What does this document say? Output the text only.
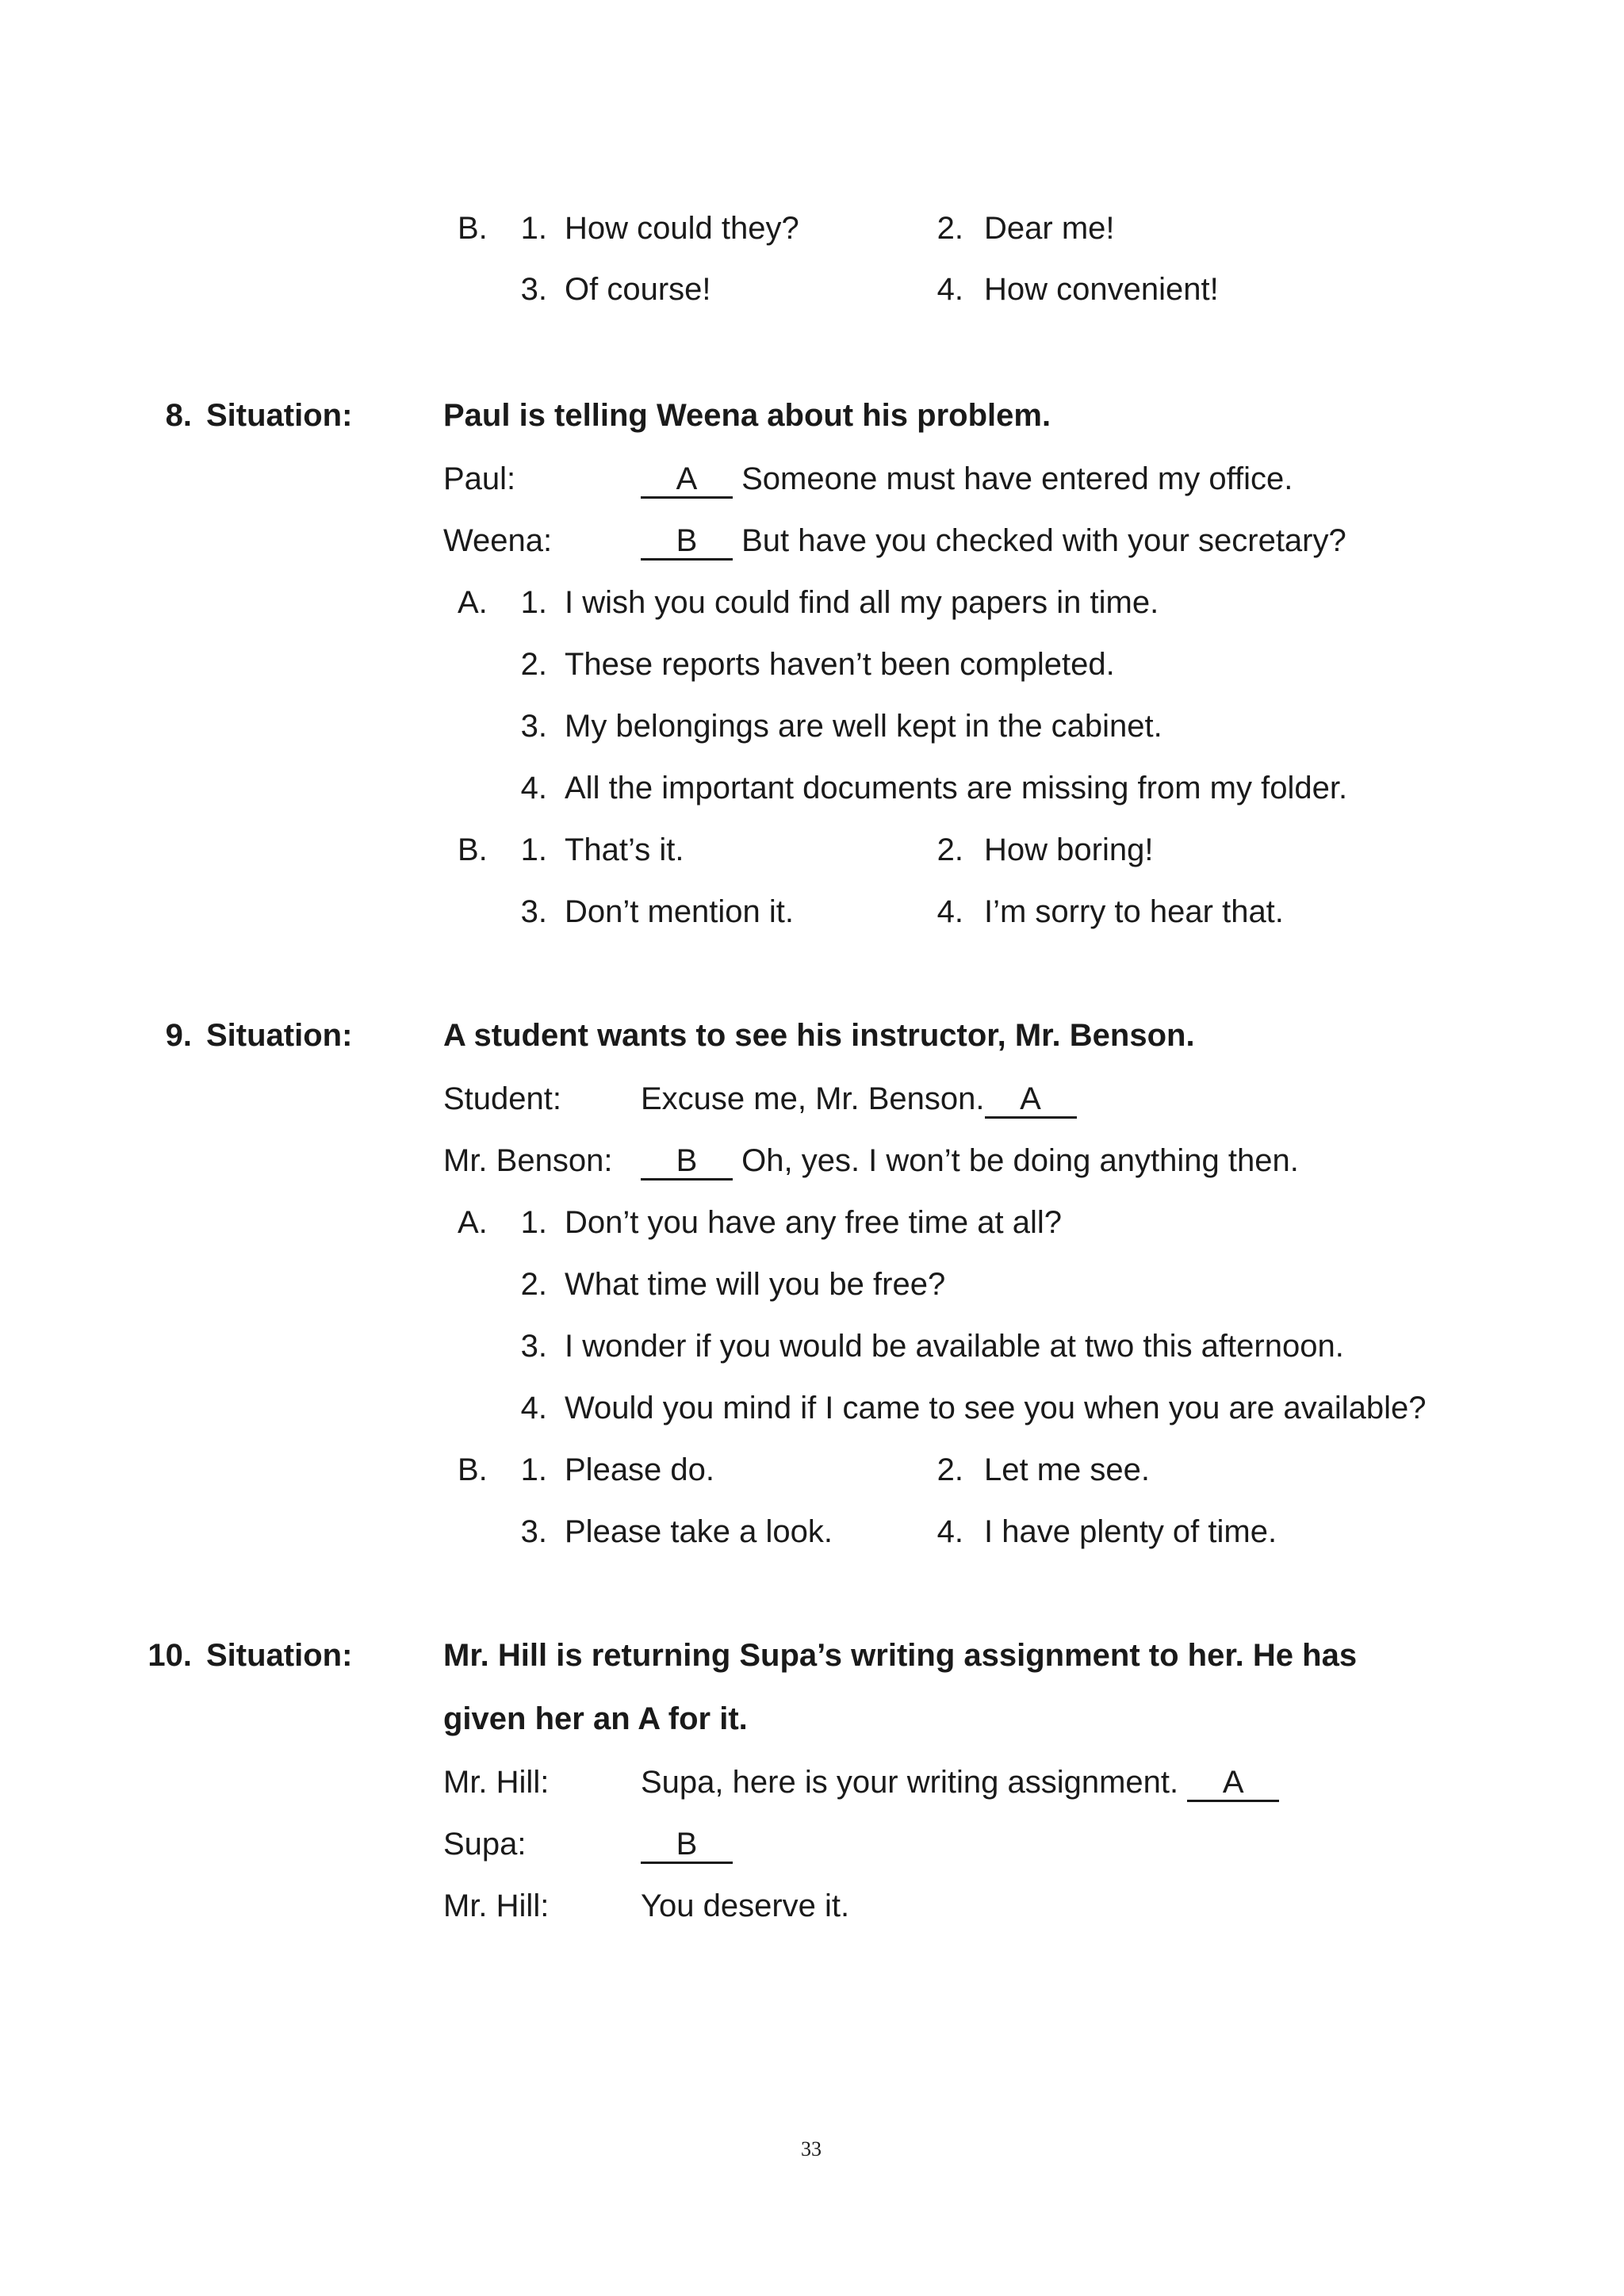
B.	1. How could they?	2. Dear me!
3. Of course!	4. How convenient!
8. Situation:	Paul is telling Weena about his problem.
Paul:	A Someone must have entered my office.
Weena:	B But have you checked with your secretary?
A.	1. I wish you could find all my papers in time.
2. These reports haven’t been completed.
3. My belongings are well kept in the cabinet.
4. All the important documents are missing from my folder.
B.	1. That’s it.	2. How boring!
3. Don’t mention it.	4. I’m sorry to hear that.
9. Situation:	A student wants to see his instructor, Mr. Benson.
Student: Excuse me, Mr. Benson. A
Mr. Benson:	B Oh, yes. I won’t be doing anything then.
A.	1. Don’t you have any free time at all?
2. What time will you be free?
3. I wonder if you would be available at two this afternoon.
4. Would you mind if I came to see you when you are available?
B.	1. Please do.	2. Let me see.
3. Please take a look.	4. I have plenty of time.
10. Situation:	Mr. Hill is returning Supa’s writing assignment to her. He has
given her an A for it.
Mr. Hill:	Supa, here is your writing assignment. A
Supa:	B
Mr. Hill:	You deserve it.
33
